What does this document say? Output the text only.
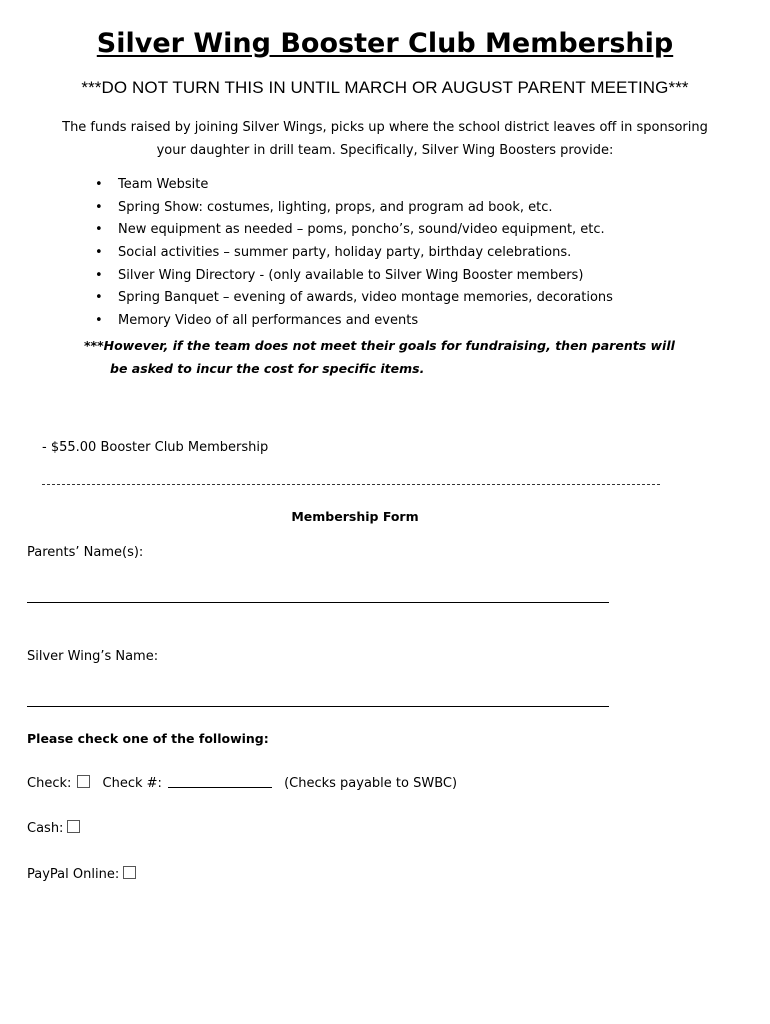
Silver Wing Booster Club Membership
***DO NOT TURN THIS IN UNTIL MARCH OR AUGUST PARENT MEETING***
The funds raised by joining Silver Wings, picks up where the school district leaves off in sponsoring
your daughter in drill team. Specifically, Silver Wing Boosters provide:
• Team Website
• Spring Show: costumes, lighting, props, and program ad book, etc.
• New equipment as needed – poms, poncho’s, sound/video equipment, etc.
• Social activities – summer party, holiday party, birthday celebrations.
• Silver Wing Directory - (only available to Silver Wing Booster members)
• Spring Banquet – evening of awards, video montage memories, decorations
• Memory Video of all performances and events
***However, if the team does not meet their goals for fundraising, then parents will
be asked to incur the cost for specific items.
- $55.00 Booster Club Membership
Membership Form
Parents’ Name(s):
Silver Wing’s Name:
Please check one of the following:
Check: Check #:	(Checks payable to SWBC)
Cash:
PayPal Online:
